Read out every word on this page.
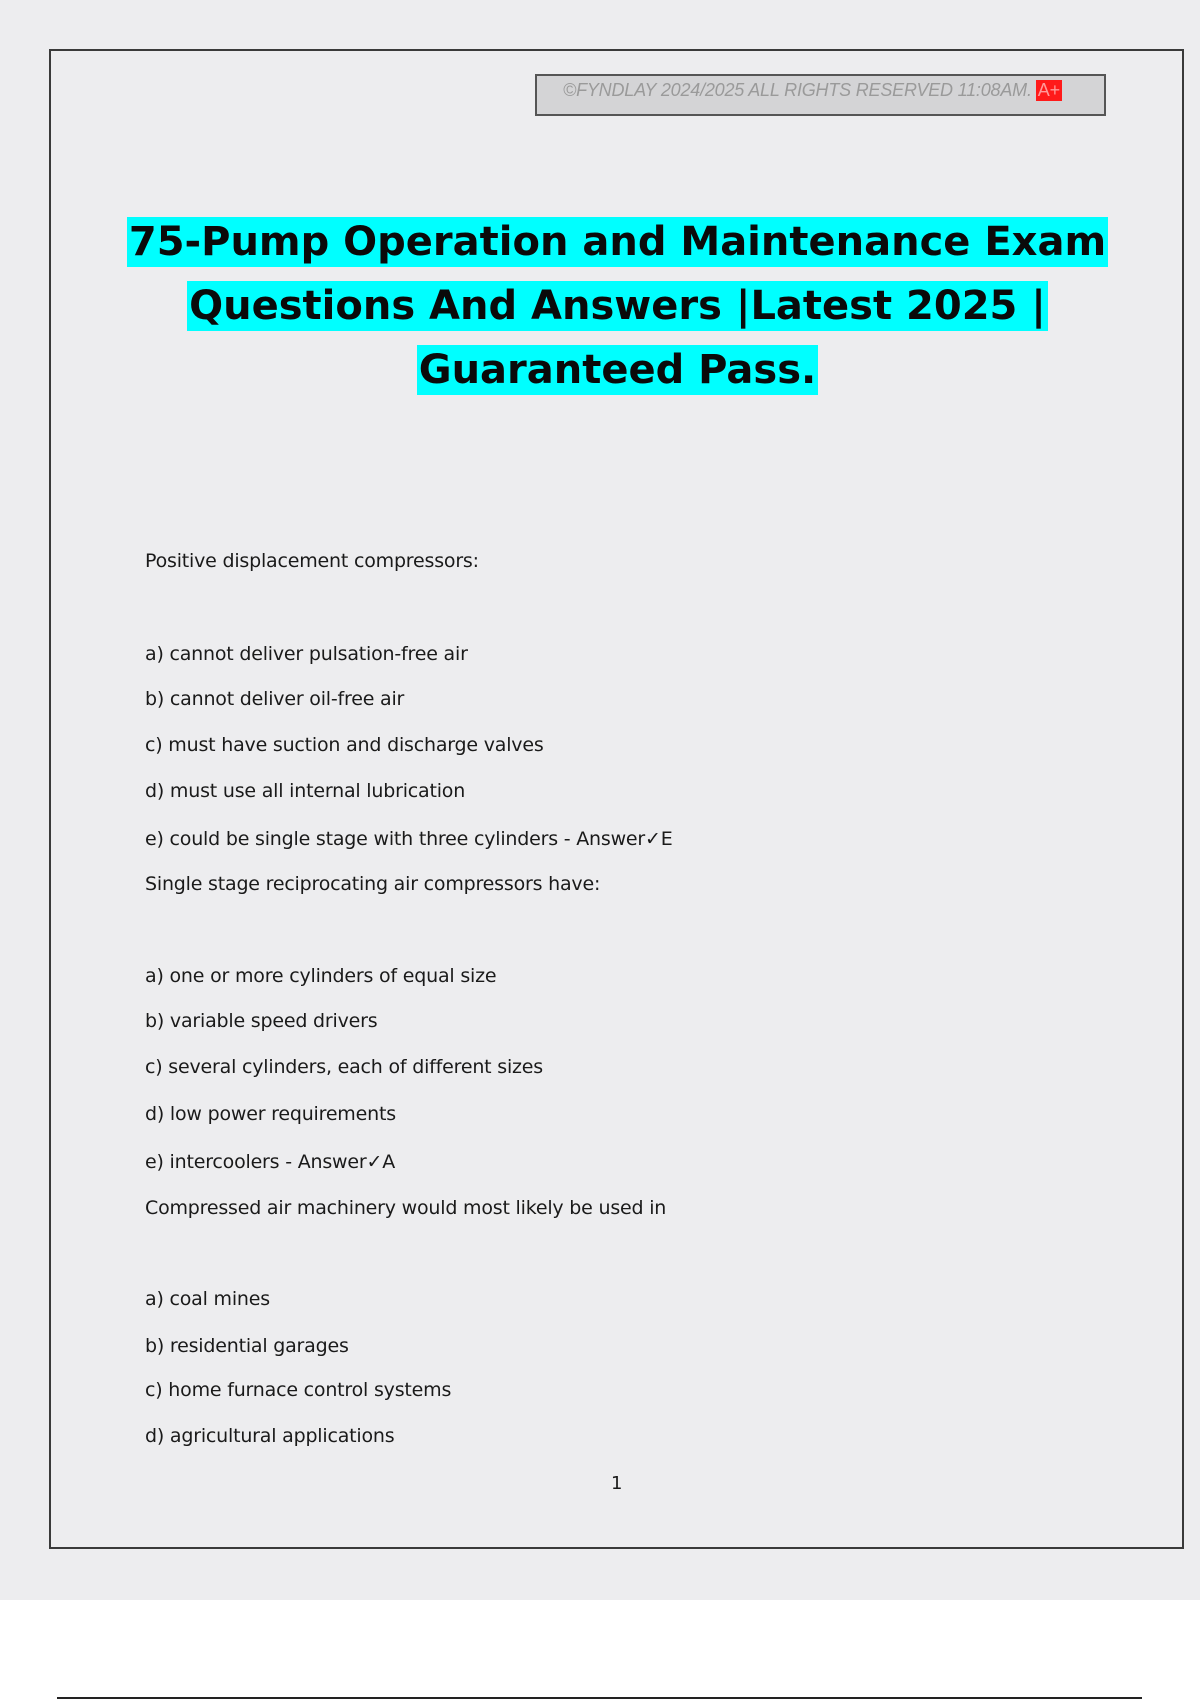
©FYNDLAY 2024/2025 ALL RIGHTS RESERVED 11:08AM. A+
75-Pump Operation and Maintenance Exam
Questions And Answers |Latest 2025 |
Guaranteed Pass.
Positive displacement compressors:
a) cannot deliver pulsation-free air
b) cannot deliver oil-free air
c) must have suction and discharge valves
d) must use all internal lubrication
e) could be single stage with three cylinders - Answer✓E
Single stage reciprocating air compressors have:
a) one or more cylinders of equal size
b) variable speed drivers
c) several cylinders, each of different sizes
d) low power requirements
e) intercoolers - Answer✓A
Compressed air machinery would most likely be used in
a) coal mines
b) residential garages
c) home furnace control systems
d) agricultural applications
1
